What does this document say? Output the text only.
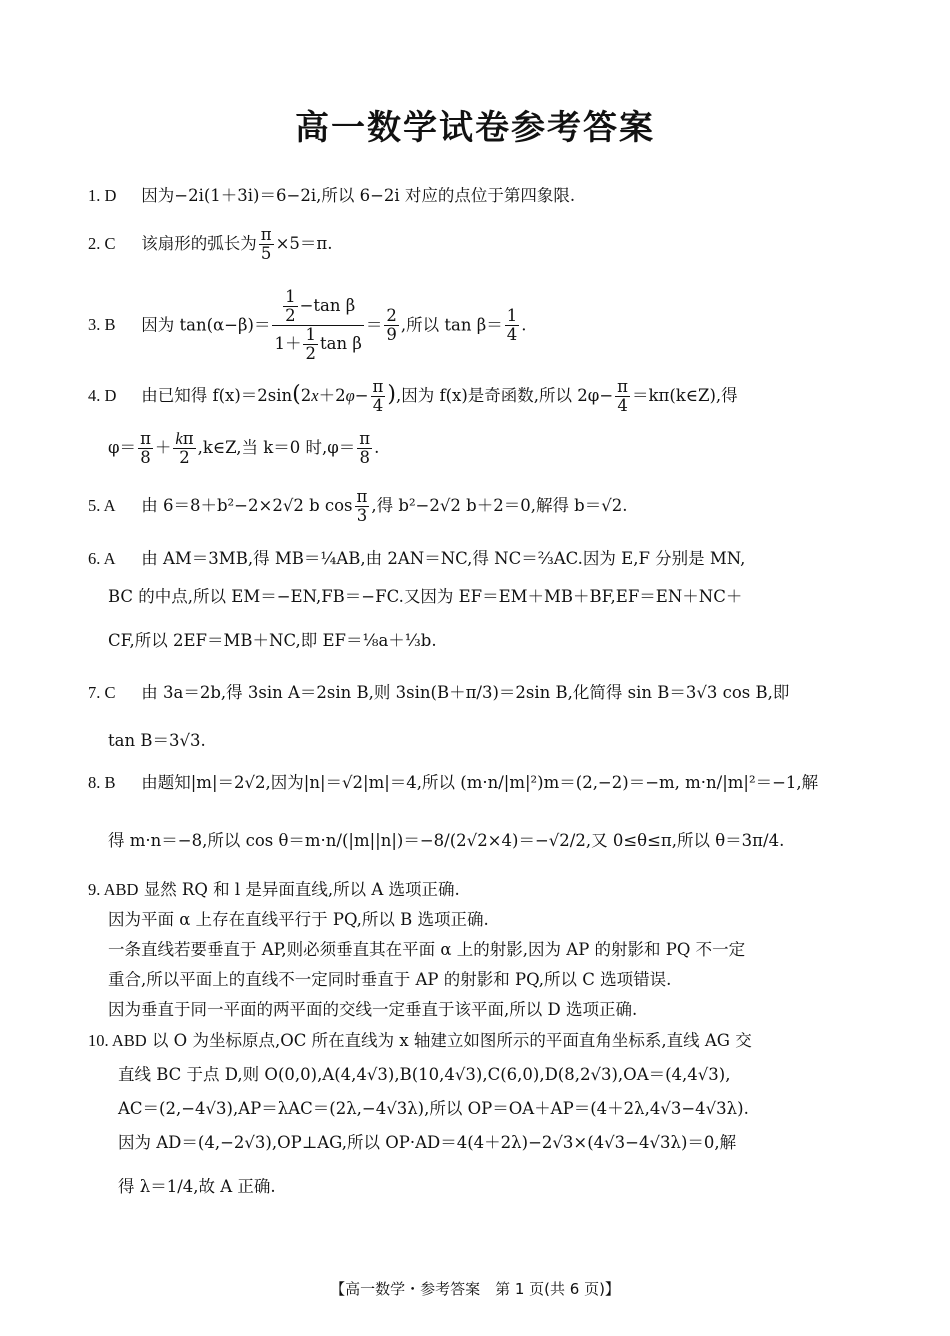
高一数学试卷参考答案
1. D 因为−2i(1＋3i)＝6−2i,所以 6−2i 对应的点位于第四象限.
2. C 该扇形的弧长为 $\frac{\pi}{5} \times 5=\pi$.
3. B 因为 $\tan(\alpha-\beta)= \frac{\frac{1}{2} -\tan \beta}{1+ \frac{1}{2} \tan \beta} = \frac{2}{9}$ ,所以 $\tan \beta= \frac{1}{4}$ .
4. D 由已知得 $f(x)=2\sin(2x+2\varphi- \frac{\pi}{4}$ ),因为 f(x)是奇函数,所以 $2\varphi- \frac{\pi}{4}$ ＝kπ(k∈Z),得
$\varphi= \frac{\pi}{8} + \frac{k\pi}{2}$ ,k∈Z,当 k＝0 时$,\varphi= \frac{\pi}{8}$ .
5. A 由 6＝8＋b²−2×2√2 b $\cos \frac{\pi}{3}$ ,得 b²−2√2 b＋2＝0,解得 b＝√2.
6. A 由 AM＝3MB,得 MB＝¼AB,由 2AN＝NC,得 NC＝⅔AC.因为 E,F 分别是 MN,
BC 的中点,所以 EM＝−EN,FB＝−FC.又因为 EF＝EM＋MB＋BF,EF＝EN＋NC＋
CF,所以 2EF＝MB＋NC,即 EF＝⅛a＋⅓b.
7. C 由 3a＝2b,得 3sin A＝2sin B,则 3sin(B＋π/3)＝2sin B,化简得 sin B＝3√3 cos B,即
tan B＝3√3.
8. B 由题知|m|＝2√2,因为|n|＝√2|m|＝4,所以 (m·n/|m|²)m＝(2,−2)＝−m, m·n/|m|²＝−1,解
得 m·n＝−8,所以 cos θ＝m·n/(|m||n|)＝−8/(2√2×4)＝−√2/2,又 0≤θ≤π,所以 θ＝3π/4.
9. ABD 显然 RQ 和 l 是异面直线,所以 A 选项正确.
因为平面 α 上存在直线平行于 PQ,所以 B 选项正确.
一条直线若要垂直于 AP,则必须垂直其在平面 α 上的射影,因为 AP 的射影和 PQ 不一定
重合,所以平面上的直线不一定同时垂直于 AP 的射影和 PQ,所以 C 选项错误.
因为垂直于同一平面的两平面的交线一定垂直于该平面,所以 D 选项正确.
10. ABD 以 O 为坐标原点,OC 所在直线为 x 轴建立如图所示的平面直角坐标系,直线 AG 交
直线 BC 于点 D,则 O(0,0),A(4,4√3),B(10,4√3),C(6,0),D(8,2√3),OA＝(4,4√3),
AC＝(2,−4√3),AP＝λAC＝(2λ,−4√3λ),所以 OP＝OA＋AP＝(4＋2λ,4√3−4√3λ).
因为 AD＝(4,−2√3),OP⊥AG,所以 OP·AD＝4(4＋2λ)−2√3×(4√3−4√3λ)＝0,解
得 λ＝1/4,故 A 正确.
【高一数学・参考答案　第 1 页(共 6 页)】
